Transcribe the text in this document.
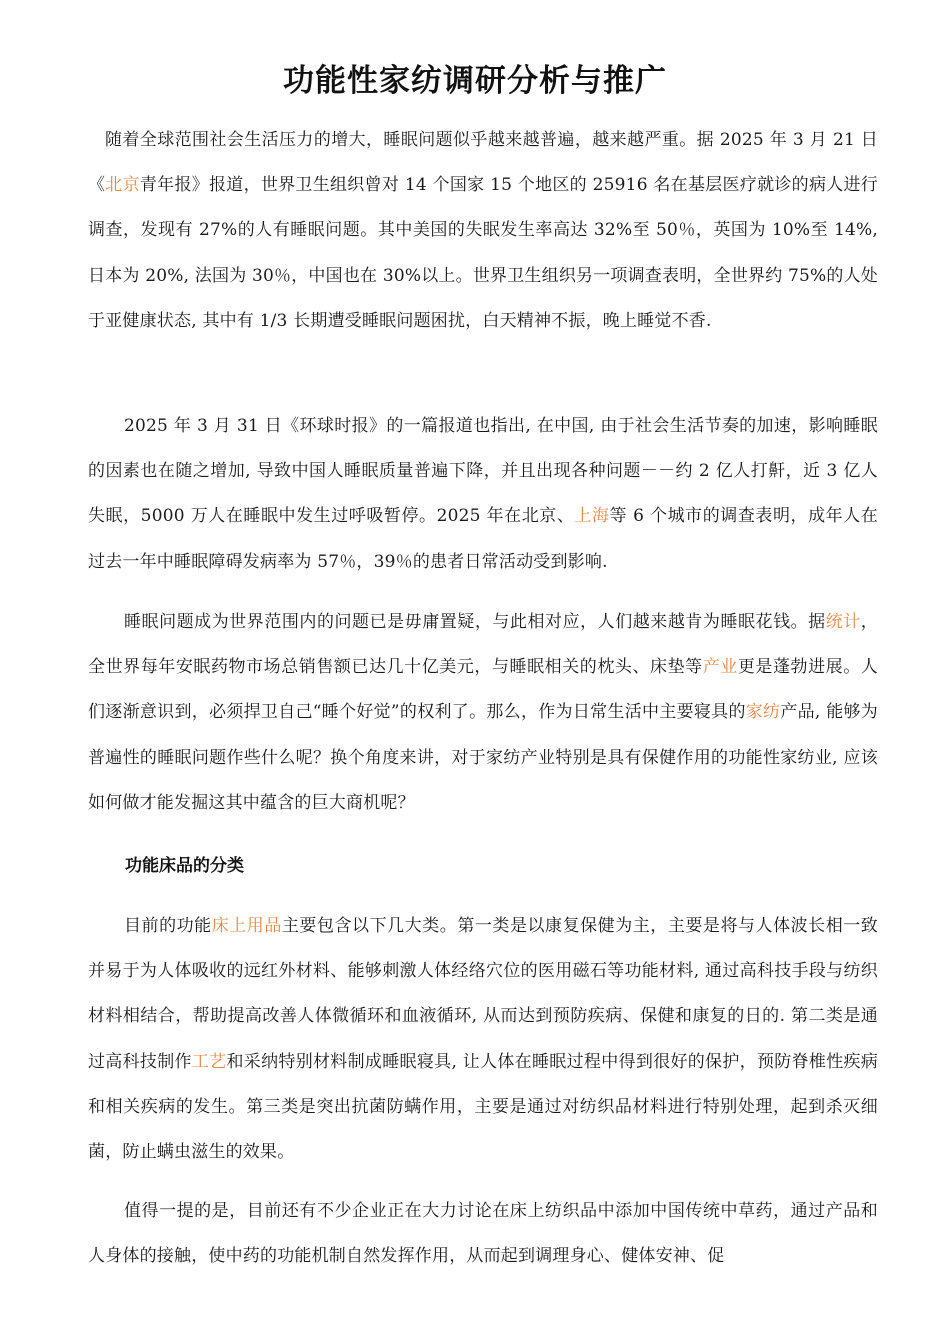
功能性家纺调研分析与推广
随着全球范围社会生活压力的增大，睡眠问题似乎越来越普遍，越来越严重。据 2025 年 3 月 21 日《北京青年报》报道，世界卫生组织曾对 14 个国家 15 个地区的 25916 名在基层医疗就诊的病人进行调查，发现有 27%的人有睡眠问题。其中美国的失眠发生率高达 32%至 50％，英国为 10%至 14%, 日本为 20%, 法国为 30％，中国也在 30%以上。世界卫生组织另一项调查表明，全世界约 75%的人处于亚健康状态, 其中有 1/3 长期遭受睡眠问题困扰，白天精神不振，晚上睡觉不香.
2025 年 3 月 31 日《环球时报》的一篇报道也指出, 在中国, 由于社会生活节奏的加速，影响睡眠的因素也在随之增加, 导致中国人睡眠质量普遍下降，并且出现各种问题－－约 2 亿人打鼾，近 3 亿人失眠，5000 万人在睡眠中发生过呼吸暂停。2025 年在北京、上海等 6 个城市的调查表明，成年人在过去一年中睡眠障碍发病率为 57％，39％的患者日常活动受到影响.
睡眠问题成为世界范围内的问题已是毋庸置疑，与此相对应，人们越来越肯为睡眠花钱。据统计，全世界每年安眠药物市场总销售额已达几十亿美元，与睡眠相关的枕头、床垫等产业更是蓬勃进展。人们逐渐意识到，必须捍卫自己“睡个好觉”的权利了。那么，作为日常生活中主要寝具的家纺产品, 能够为普遍性的睡眠问题作些什么呢？换个角度来讲，对于家纺产业特别是具有保健作用的功能性家纺业, 应该如何做才能发掘这其中蕴含的巨大商机呢？
功能床品的分类
目前的功能床上用品主要包含以下几大类。第一类是以康复保健为主，主要是将与人体波长相一致并易于为人体吸收的远红外材料、能够刺激人体经络穴位的医用磁石等功能材料, 通过高科技手段与纺织材料相结合，帮助提高改善人体微循环和血液循环, 从而达到预防疾病、保健和康复的日的. 第二类是通过高科技制作工艺和采纳特别材料制成睡眠寝具, 让人体在睡眠过程中得到很好的保护，预防脊椎性疾病和相关疾病的发生。第三类是突出抗菌防螨作用，主要是通过对纺织品材料进行特别处理，起到杀灭细菌，防止螨虫滋生的效果。
值得一提的是，目前还有不少企业正在大力讨论在床上纺织品中添加中国传统中草药，通过产品和人身体的接触，使中药的功能机制自然发挥作用，从而起到调理身心、健体安神、促
